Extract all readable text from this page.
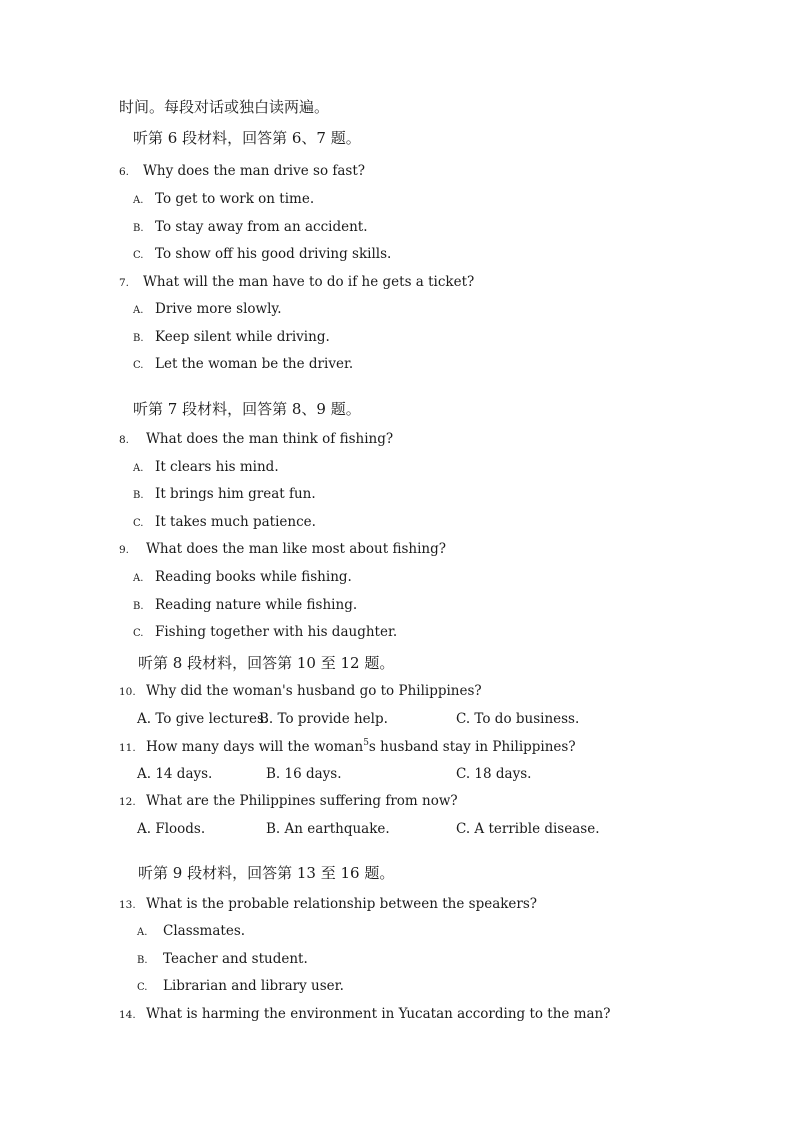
时间。每段对话或独白读两遍。
听第 6 段材料，回答第 6、7 题。
6. Why does the man drive so fast?
A. To get to work on time.
B. To stay away from an accident.
C. To show off his good driving skills.
7. What will the man have to do if he gets a ticket?
A. Drive more slowly.
B. Keep silent while driving.
C. Let the woman be the driver.
听第 7 段材料，回答第 8、9 题。
8. What does the man think of fishing?
A. It clears his mind.
B. It brings him great fun.
C. It takes much patience.
9. What does the man like most about fishing?
A. Reading books while fishing.
B. Reading nature while fishing.
C. Fishing together with his daughter.
听第 8 段材料，回答第 10 至 12 题。
10. Why did the woman's husband go to Philippines?
A. To give lectures.
B. To provide help.	C. To do business.
11. How many days will the woman$^5$s husband stay in Philippines?
A. 14 days.	B. 16 days.	C. 18 days.
12. What are the Philippines suffering from now?
A. Floods.	B. An earthquake.	C. A terrible disease.
听第 9 段材料，回答第 13 至 16 题。
13. What is the probable relationship between the speakers?
A. Classmates.
B. Teacher and student.
C. Librarian and library user.
14. What is harming the environment in Yucatan according to the man?
